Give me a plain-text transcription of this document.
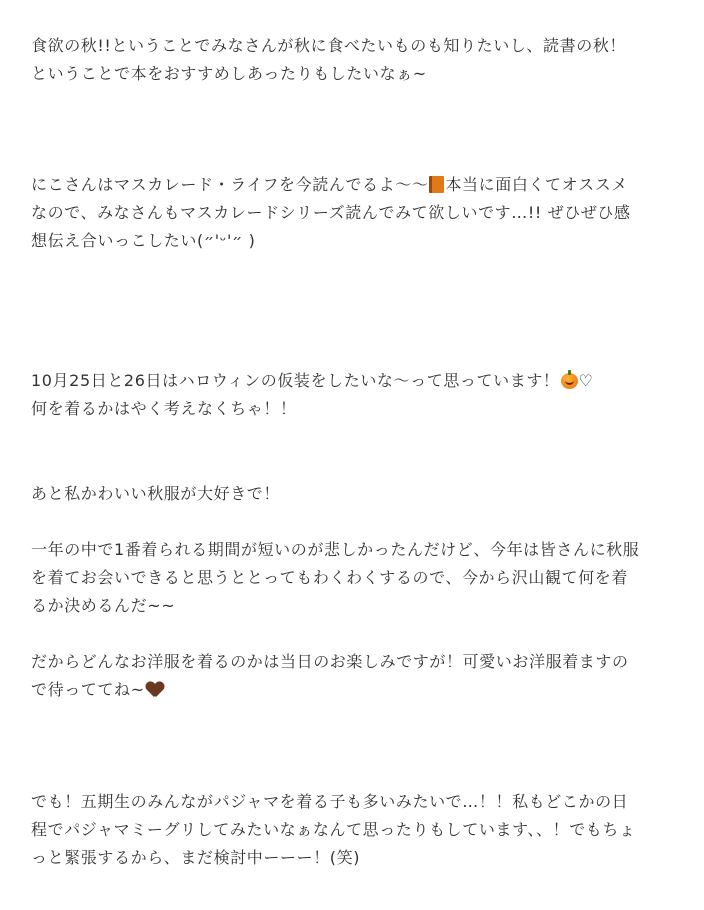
食欲の秋!!ということでみなさんが秋に食べたいものも知りたいし、読書の秋！
ということで本をおすすめしあったりもしたいなぁ~

にこさんはマスカレード・ライフを今読んでるよ〜〜 本当に面白くてオススメ
なので、みなさんもマスカレードシリーズ読んでみて欲しいです…!! ぜひぜひ感
想伝え合いっこしたい(״'ᵕ'״ )

10月25日と26日はハロウィンの仮装をしたいな〜って思っています！ ♡
何を着るかはやく考えなくちゃ！！

あと私かわいい秋服が大好きで！

一年の中で1番着られる期間が短いのが悲しかったんだけど、今年は皆さんに秋服
を着てお会いできると思うととってもわくわくするので、今から沢山観て何を着
るか決めるんだ~~

だからどんなお洋服を着るのかは当日のお楽しみですが！可愛いお洋服着ますの
で待っててね~

でも！五期生のみんながパジャマを着る子も多いみたいで…！！私もどこかの日
程でパジャマミーグリしてみたいなぁなんて思ったりもしています、、！でもちょ
っと緊張するから、まだ検討中ーーー！(笑)
